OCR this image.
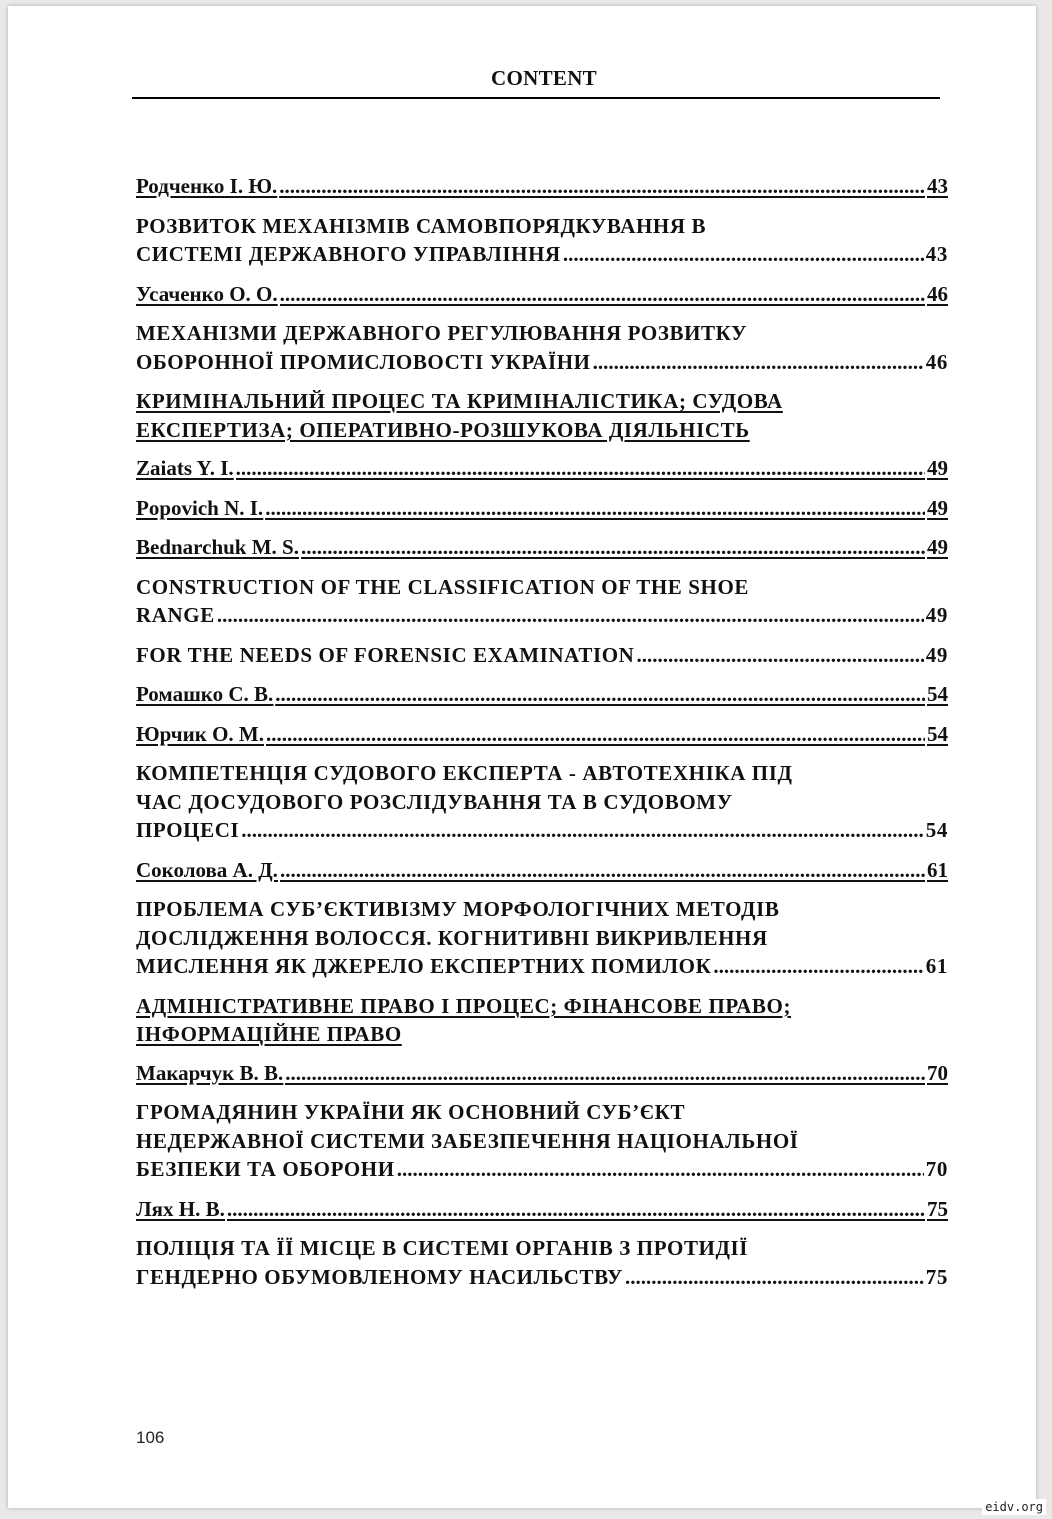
CONTENT
Родченко І. Ю. .....	43
РОЗВИТОК МЕХАНІЗМІВ САМОВПОРЯДКУВАННЯ В
СИСТЕМІ ДЕРЖАВНОГО УПРАВЛІННЯ .....	43
Усаченко О. О. .....	46
МЕХАНІЗМИ ДЕРЖАВНОГО РЕГУЛЮВАННЯ РОЗВИТКУ
ОБОРОННОЇ ПРОМИСЛОВОСТІ УКРАЇНИ .....	46
КРИМІНАЛЬНИЙ ПРОЦЕС ТА КРИМІНАЛІСТИКА; СУДОВА
ЕКСПЕРТИЗА; ОПЕРАТИВНО-РОЗШУКОВА ДІЯЛЬНІСТЬ
Zaiats Y. I. .....	49
Popovich N. I. .....	49
Bednarchuk M. S. .....	49
CONSTRUCTION OF THE CLASSIFICATION OF THE SHOE
RANGE .....	49
FOR THE NEEDS OF FORENSIC EXAMINATION .....	49
Ромашко С. В. .....	54
Юрчик О. М. .....	54
КОМПЕТЕНЦІЯ СУДОВОГО ЕКСПЕРТА - АВТОТЕХНІКА ПІД
ЧАС ДОСУДОВОГО РОЗСЛІДУВАННЯ ТА В СУДОВОМУ
ПРОЦЕСІ .....	54
Соколова А. Д. .....	61
ПРОБЛЕМА СУБ’ЄКТИВІЗМУ МОРФОЛОГІЧНИХ МЕТОДІВ
ДОСЛІДЖЕННЯ ВОЛОССЯ. КОГНИТИВНІ ВИКРИВЛЕННЯ
МИСЛЕННЯ ЯК ДЖЕРЕЛО ЕКСПЕРТНИХ ПОМИЛОК .....	61
АДМІНІСТРАТИВНЕ ПРАВО І ПРОЦЕС; ФІНАНСОВЕ ПРАВО;
ІНФОРМАЦІЙНЕ ПРАВО
Макарчук В. В. .....	70
ГРОМАДЯНИН УКРАЇНИ ЯК ОСНОВНИЙ СУБ’ЄКТ
НЕДЕРЖАВНОЇ СИСТЕМИ ЗАБЕЗПЕЧЕННЯ НАЦІОНАЛЬНОЇ
БЕЗПЕКИ ТА ОБОРОНИ .....	70
Лях Н. В. .....	75
ПОЛІЦІЯ ТА ЇЇ МІСЦЕ В СИСТЕМІ ОРГАНІВ З ПРОТИДІЇ
ГЕНДЕРНО ОБУМОВЛЕНОМУ НАСИЛЬСТВУ .....	75
106
eidv.org
